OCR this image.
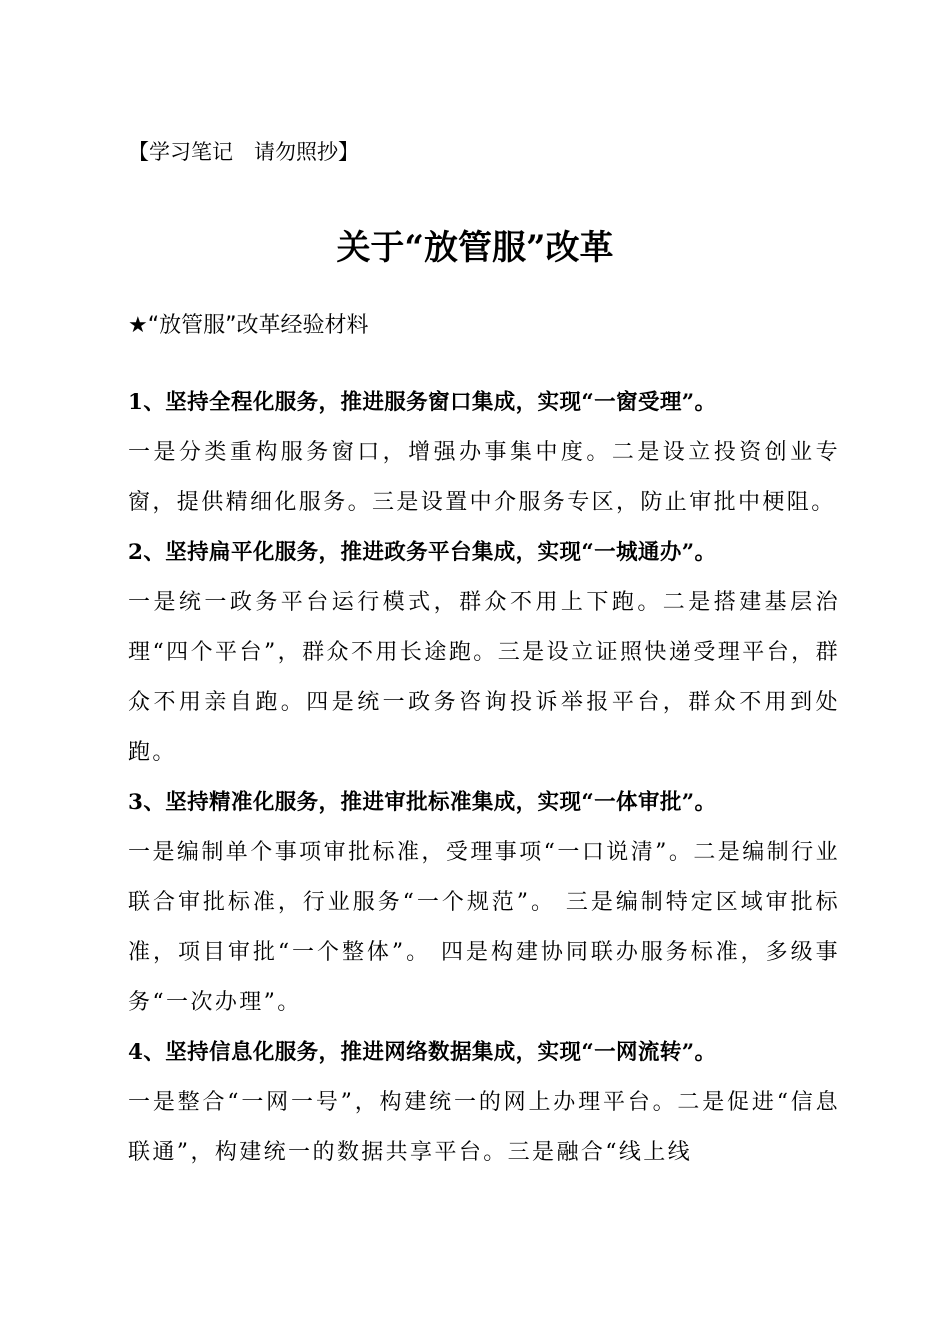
【学习笔记　请勿照抄】
关于“放管服”改革
★“放管服”改革经验材料
1、坚持全程化服务，推进服务窗口集成，实现“一窗受理”。
一是分类重构服务窗口，增强办事集中度。二是设立投资创业专窗，提供精细化服务。三是设置中介服务专区，防止审批中梗阻。
2、坚持扁平化服务，推进政务平台集成，实现“一城通办”。
一是统一政务平台运行模式，群众不用上下跑。二是搭建基层治理“四个平台”，群众不用长途跑。三是设立证照快递受理平台，群众不用亲自跑。四是统一政务咨询投诉举报平台，群众不用到处跑。
3、坚持精准化服务，推进审批标准集成，实现“一体审批”。
一是编制单个事项审批标准，受理事项“一口说清”。二是编制行业联合审批标准，行业服务“一个规范”。 三是编制特定区域审批标准，项目审批“一个整体”。 四是构建协同联办服务标准，多级事务“一次办理”。
4、坚持信息化服务，推进网络数据集成，实现“一网流转”。
一是整合“一网一号”，构建统一的网上办理平台。二是促进“信息联通”，构建统一的数据共享平台。三是融合“线上线
